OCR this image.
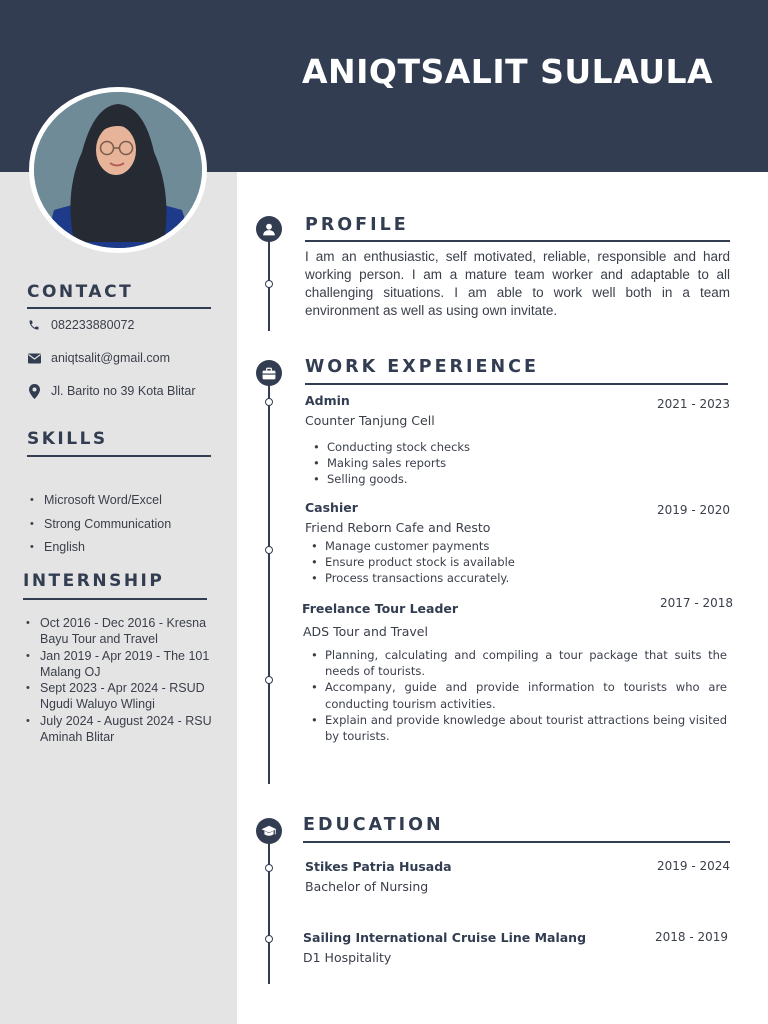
ANIQTSALIT SULAULA
CONTACT
082233880072
aniqtsalit@gmail.com
Jl. Barito no 39 Kota Blitar
SKILLS
• Microsoft Word/Excel
• Strong Communication
• English
INTERNSHIP
• Oct 2016 - Dec 2016 - Kresna Bayu Tour and Travel
• Jan 2019 - Apr 2019 - The 101 Malang OJ
• Sept 2023 - Apr 2024 - RSUD Ngudi Waluyo Wlingi
• July 2024 - August 2024 - RSU Aminah Blitar
PROFILE
I am an enthusiastic, self motivated, reliable, responsible and hard working person. I am a mature team worker and adaptable to all challenging situations. I am able to work well both in a team environment as well as using own invitate.
WORK EXPERIENCE
Admin	2021 - 2023
Counter Tanjung Cell
• Conducting stock checks
• Making sales reports
• Selling goods.
Cashier	2019 - 2020
Friend Reborn Cafe and Resto
• Manage customer payments
• Ensure product stock is available
• Process transactions accurately.
Freelance Tour Leader	2017 - 2018
ADS Tour and Travel
• Planning, calculating and compiling a tour package that suits the needs of tourists.
• Accompany, guide and provide information to tourists who are conducting tourism activities.
• Explain and provide knowledge about tourist attractions being visited by tourists.
EDUCATION
Stikes Patria Husada	2019 - 2024
Bachelor of Nursing
Sailing International Cruise Line Malang	2018 - 2019
D1 Hospitality
